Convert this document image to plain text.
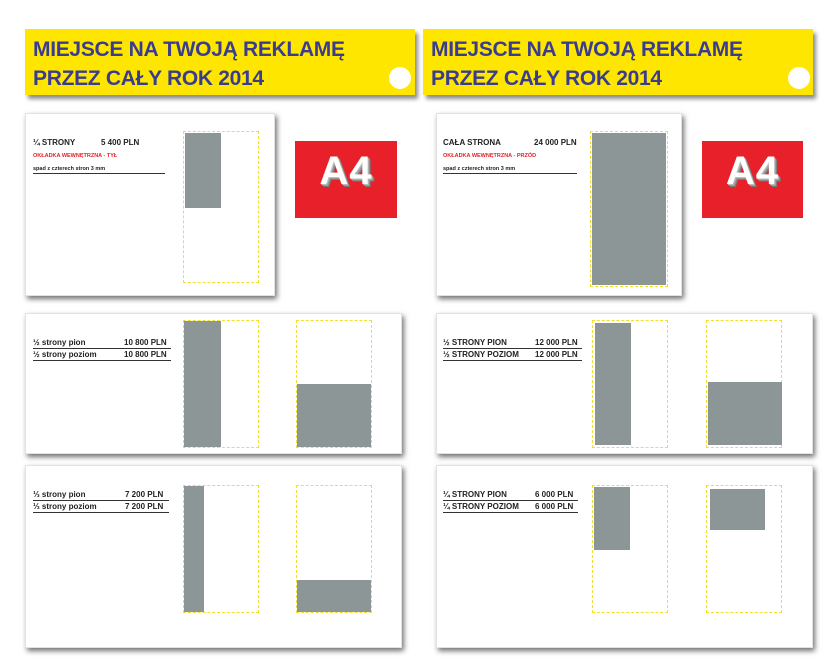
MIEJSCE NA TWOJĄ REKLAMĘ
PRZEZ CAŁY ROK 2014
MIEJSCE NA TWOJĄ REKLAMĘ
PRZEZ CAŁY ROK 2014
A4	A4
¼ STRONY	5 400 PLN
OKŁADKA WEWNĘTRZNA - TYŁ
spad z czterech stron 3 mm
½ strony pion	10 800 PLN
½ strony poziom	10 800 PLN
⅓ strony pion	7 200 PLN
⅓ strony poziom	7 200 PLN
CAŁA STRONA	24 000 PLN
OKŁADKA WEWNĘTRZNA - PRZÓD
spad z czterech stron 3 mm
½ STRONY PION	12 000 PLN
½ STRONY POZIOM 12 000 PLN
¼ STRONY PION	6 000 PLN
¼ STRONY POZIOM 6 000 PLN
